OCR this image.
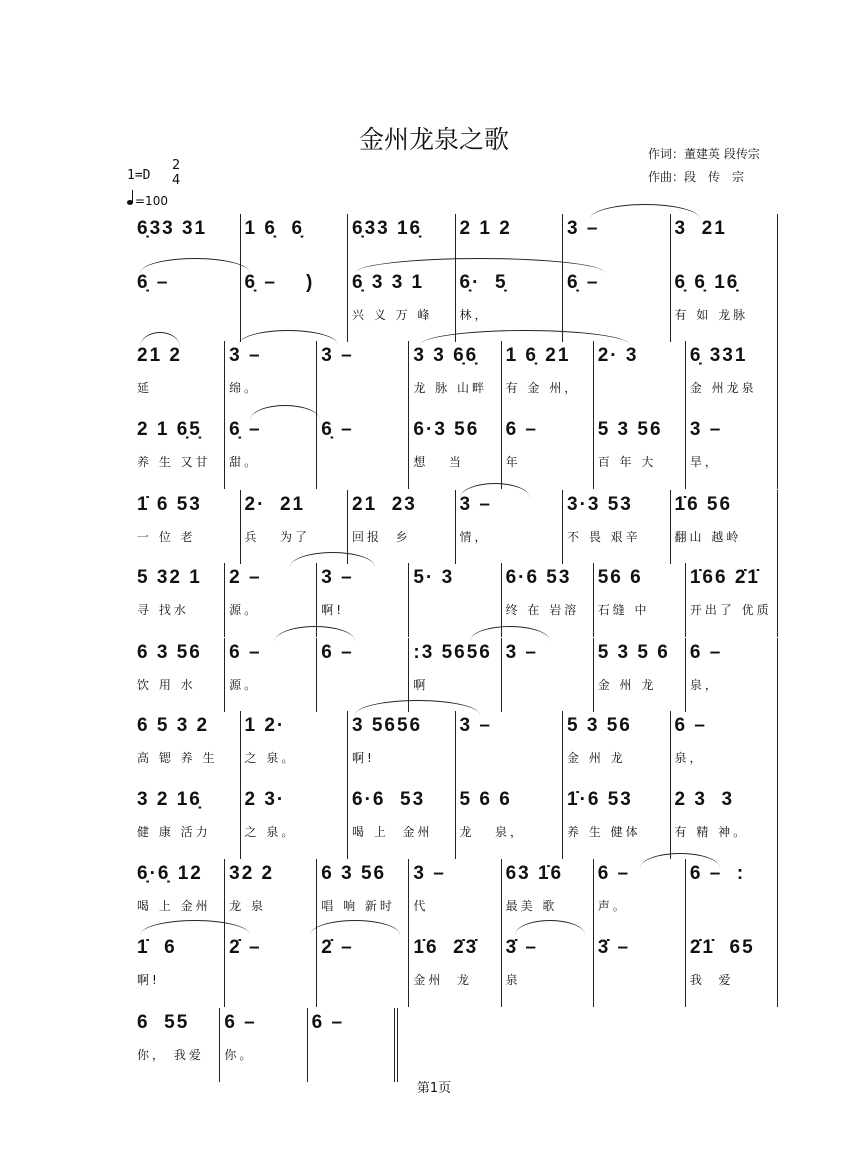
金州龙泉之歌	作词：董建英 段传宗
作曲：段　传　宗
1=D
2
4
=100
6̣33 31	1 6̣  6̣	6̣33 16̣	2 1 2	3 –	3  21
6̣ –	6̣ –    )	6̣ 3 3 1
兴 义 万 峰
6̣·  5̣
林，
6̣ –	6̣ 6̣ 16̣
有 如 龙脉
21 2
延
3 –
绵。
3 –	3 3 6̣6̣
龙 脉 山畔
1 6̣ 21
有 金 州，
2· 3	6̣ 331
金 州龙泉
2 1 6̣5̣
养 生 又甘
6̣ –
甜。
6̣ –	6·3 56
想   当
6 –
年
5 3 56
百 年 大
3 –
旱，
1̇ 6 53
一 位 老
2·  21
兵   为了
21  23
回报  乡
3 –
情，
3·3 53
不 畏 艰辛
1̇6 56
翻山 越岭
5 32 1
寻 找水
2 –
源。
3 –
啊!
5· 3	6·6 53
终 在 岩溶
56 6
石缝 中
1̇66 2̇1̇
开出了 优质
6 3 56
饮 用 水
6 –
源。
6 –	:3 5656
啊
3 –	5 3 5 6
金 州 龙
6 –
泉，
6 5 3 2
高 锶 养 生
1 2·
之 泉。
3 5656
啊!
3 –	5 3 56
金 州 龙
6 –
泉，
3 2 16̣
健 康 活力
2 3·
之 泉。
6·6  53
喝 上  金州
5 6 6
龙   泉，
1̇·6 53
养 生 健体
2 3  3
有 精 神。
6̣·6̣ 12
喝 上 金州
32 2
龙 泉
6 3 56
唱 响 新时
3 –
代
63 1̇6
最美 歌
6 –
声。
6 –  :
1̇  6
啊!
2̇ –	2̇ –	1̇6  2̇3̇
金州  龙
3̇ –
泉
3̇ –	2̇1̇  65
我  爱
6  55
你， 我爱
6 –
你。
6 –
第1页
